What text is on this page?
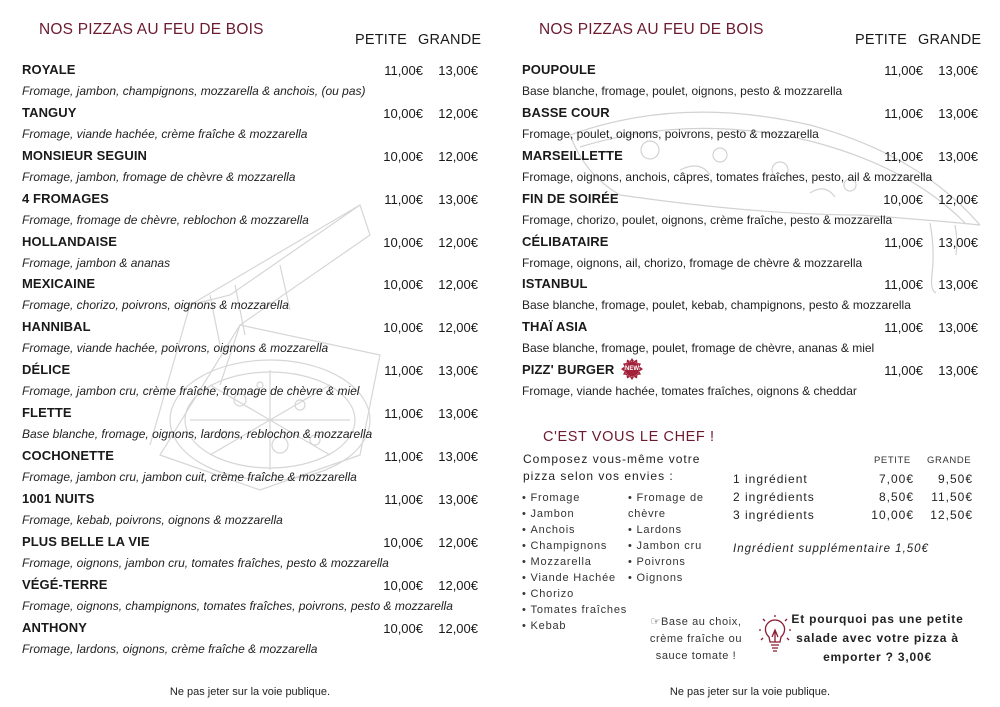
NOS PIZZAS AU FEU DE BOIS
PETITE GRANDE
ROYALE	11,00€	13,00€
Fromage, jambon, champignons, mozzarella & anchois, (ou pas)
TANGUY	10,00€	12,00€
Fromage, viande hachée, crème fraîche & mozzarella
MONSIEUR SEGUIN	10,00€	12,00€
Fromage, jambon, fromage de chèvre & mozzarella
4 FROMAGES	11,00€	13,00€
Fromage, fromage de chèvre, reblochon & mozzarella
HOLLANDAISE	10,00€	12,00€
Fromage, jambon & ananas
MEXICAINE	10,00€	12,00€
Fromage, chorizo, poivrons, oignons & mozzarella
HANNIBAL	10,00€	12,00€
Fromage, viande hachée, poivrons, oignons & mozzarella
DÉLICE	11,00€	13,00€
Fromage, jambon cru, crème fraîche, fromage de chèvre & miel
FLETTE	11,00€	13,00€
Base blanche, fromage, oignons, lardons, reblochon & mozzarella
COCHONETTE	11,00€	13,00€
Fromage, jambon cru, jambon cuit, crème fraîche & mozzarella
1001 NUITS	11,00€	13,00€
Fromage, kebab, poivrons, oignons & mozzarella
PLUS BELLE LA VIE	10,00€	12,00€
Fromage, oignons, jambon cru, tomates fraîches, pesto & mozzarella
VÉGÉ-TERRE	10,00€	12,00€
Fromage, oignons, champignons, tomates fraîches, poivrons, pesto & mozzarella
ANTHONY	10,00€	12,00€
Fromage, lardons, oignons, crème fraîche & mozzarella
Ne pas jeter sur la voie publique.
NOS PIZZAS AU FEU DE BOIS
PETITE GRANDE
POUPOULE	11,00€	13,00€
Base blanche, fromage, poulet, oignons, pesto & mozzarella
BASSE COUR	11,00€	13,00€
Fromage, poulet, oignons, poivrons, pesto & mozzarella
MARSEILLETTE	11,00€	13,00€
Fromage, oignons, anchois, câpres, tomates fraîches, pesto, ail & mozzarella
FIN DE SOIRÉE	10,00€	12,00€
Fromage, chorizo, poulet, oignons, crème fraîche, pesto & mozzarella
CÉLIBATAIRE	11,00€	13,00€
Fromage, oignons, ail, chorizo, fromage de chèvre & mozzarella
ISTANBUL	11,00€	13,00€
Base blanche, fromage, poulet, kebab, champignons, pesto & mozzarella
THAÏ ASIA	11,00€	13,00€
Base blanche, fromage, poulet, fromage de chèvre, ananas & miel
PIZZ' BURGER NEW	11,00€	13,00€
Fromage, viande hachée, tomates fraîches, oignons & cheddar
Ne pas jeter sur la voie publique.
C'EST VOUS LE CHEF !
Composez vous-même votre pizza selon vos envies :
• Fromage
• Jambon
• Anchois
• Champignons
• Mozzarella
• Viande Hachée
• Chorizo
• Tomates fraîches
• Kebab
• Fromage de chèvre
• Lardons
• Jambon cru
• Poivrons
• Oignons
PETITE GRANDE
1 ingrédient	7,00€ 9,50€
2 ingrédients	8,50€ 11,50€
3 ingrédients	10,00€ 12,50€
Ingrédient supplémentaire 1,50€
☞Base au choix, crème fraîche ou sauce tomate !
Et pourquoi pas une petite salade avec votre pizza à emporter ? 3,00€
